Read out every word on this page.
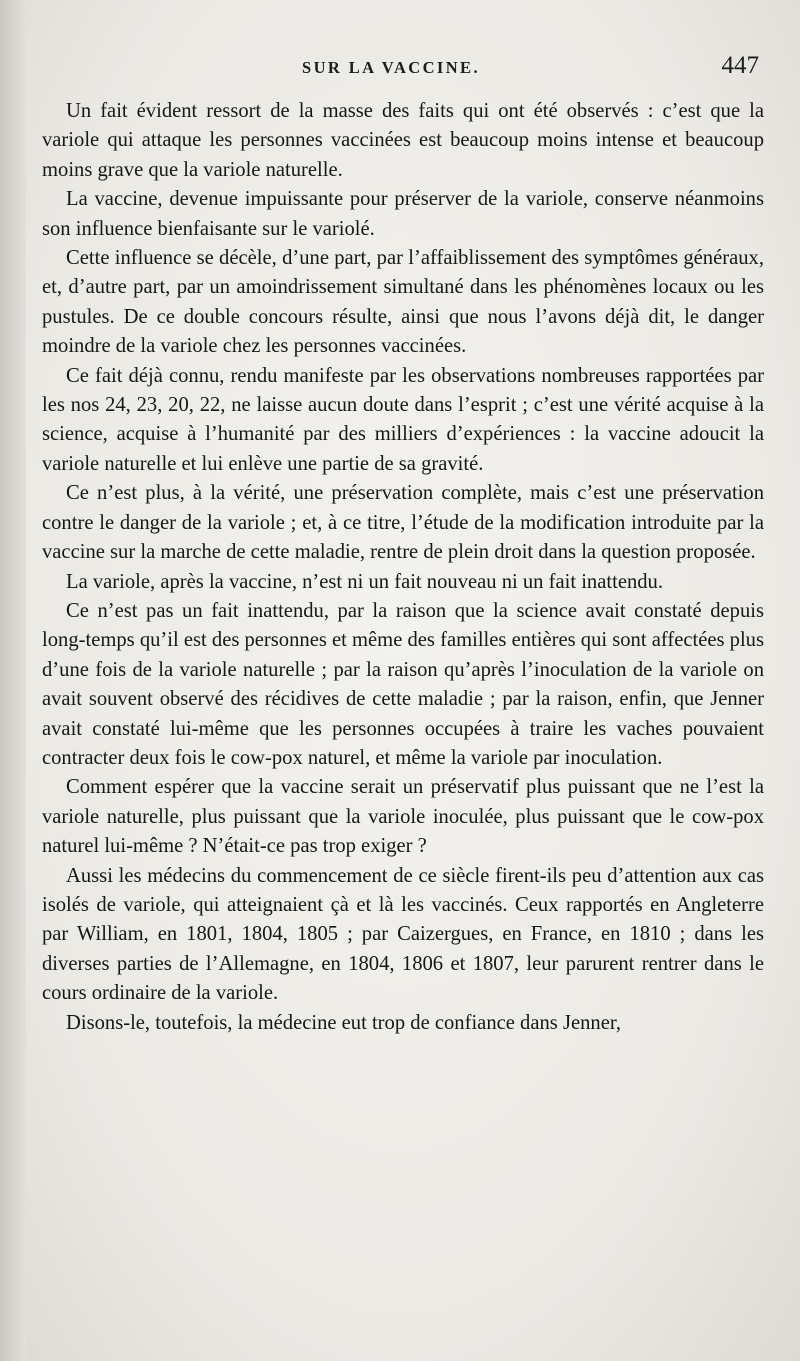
SUR LA VACCINE.	447

Un fait évident ressort de la masse des faits qui ont été observés : c’est que la variole qui attaque les personnes vaccinées est beaucoup moins intense et beaucoup moins grave que la variole naturelle.

La vaccine, devenue impuissante pour préserver de la variole, conserve néanmoins son influence bienfaisante sur le variolé.

Cette influence se décèle, d’une part, par l’affaiblissement des symptômes généraux, et, d’autre part, par un amoindrissement simultané dans les phénomènes locaux ou les pustules. De ce double concours résulte, ainsi que nous l’avons déjà dit, le danger moindre de la variole chez les personnes vaccinées.

Ce fait déjà connu, rendu manifeste par les observations nombreuses rapportées par les nos 24, 23, 20, 22, ne laisse aucun doute dans l’esprit ; c’est une vérité acquise à la science, acquise à l’humanité par des milliers d’expériences : la vaccine adoucit la variole naturelle et lui enlève une partie de sa gravité.

Ce n’est plus, à la vérité, une préservation complète, mais c’est une préservation contre le danger de la variole ; et, à ce titre, l’étude de la modification introduite par la vaccine sur la marche de cette maladie, rentre de plein droit dans la question proposée.

La variole, après la vaccine, n’est ni un fait nouveau ni un fait inattendu.

Ce n’est pas un fait inattendu, par la raison que la science avait constaté depuis long-temps qu’il est des personnes et même des familles entières qui sont affectées plus d’une fois de la variole naturelle ; par la raison qu’après l’inoculation de la variole on avait souvent observé des récidives de cette maladie ; par la raison, enfin, que Jenner avait constaté lui-même que les personnes occupées à traire les vaches pouvaient contracter deux fois le cow-pox naturel, et même la variole par inoculation.

Comment espérer que la vaccine serait un préservatif plus puissant que ne l’est la variole naturelle, plus puissant que la variole inoculée, plus puissant que le cow-pox naturel lui-même ? N’était-ce pas trop exiger ?

Aussi les médecins du commencement de ce siècle firent-ils peu d’attention aux cas isolés de variole, qui atteignaient çà et là les vaccinés. Ceux rapportés en Angleterre par William, en 1801, 1804, 1805 ; par Caizergues, en France, en 1810 ; dans les diverses parties de l’Allemagne, en 1804, 1806 et 1807, leur parurent rentrer dans le cours ordinaire de la variole.

Disons-le, toutefois, la médecine eut trop de confiance dans Jenner,
